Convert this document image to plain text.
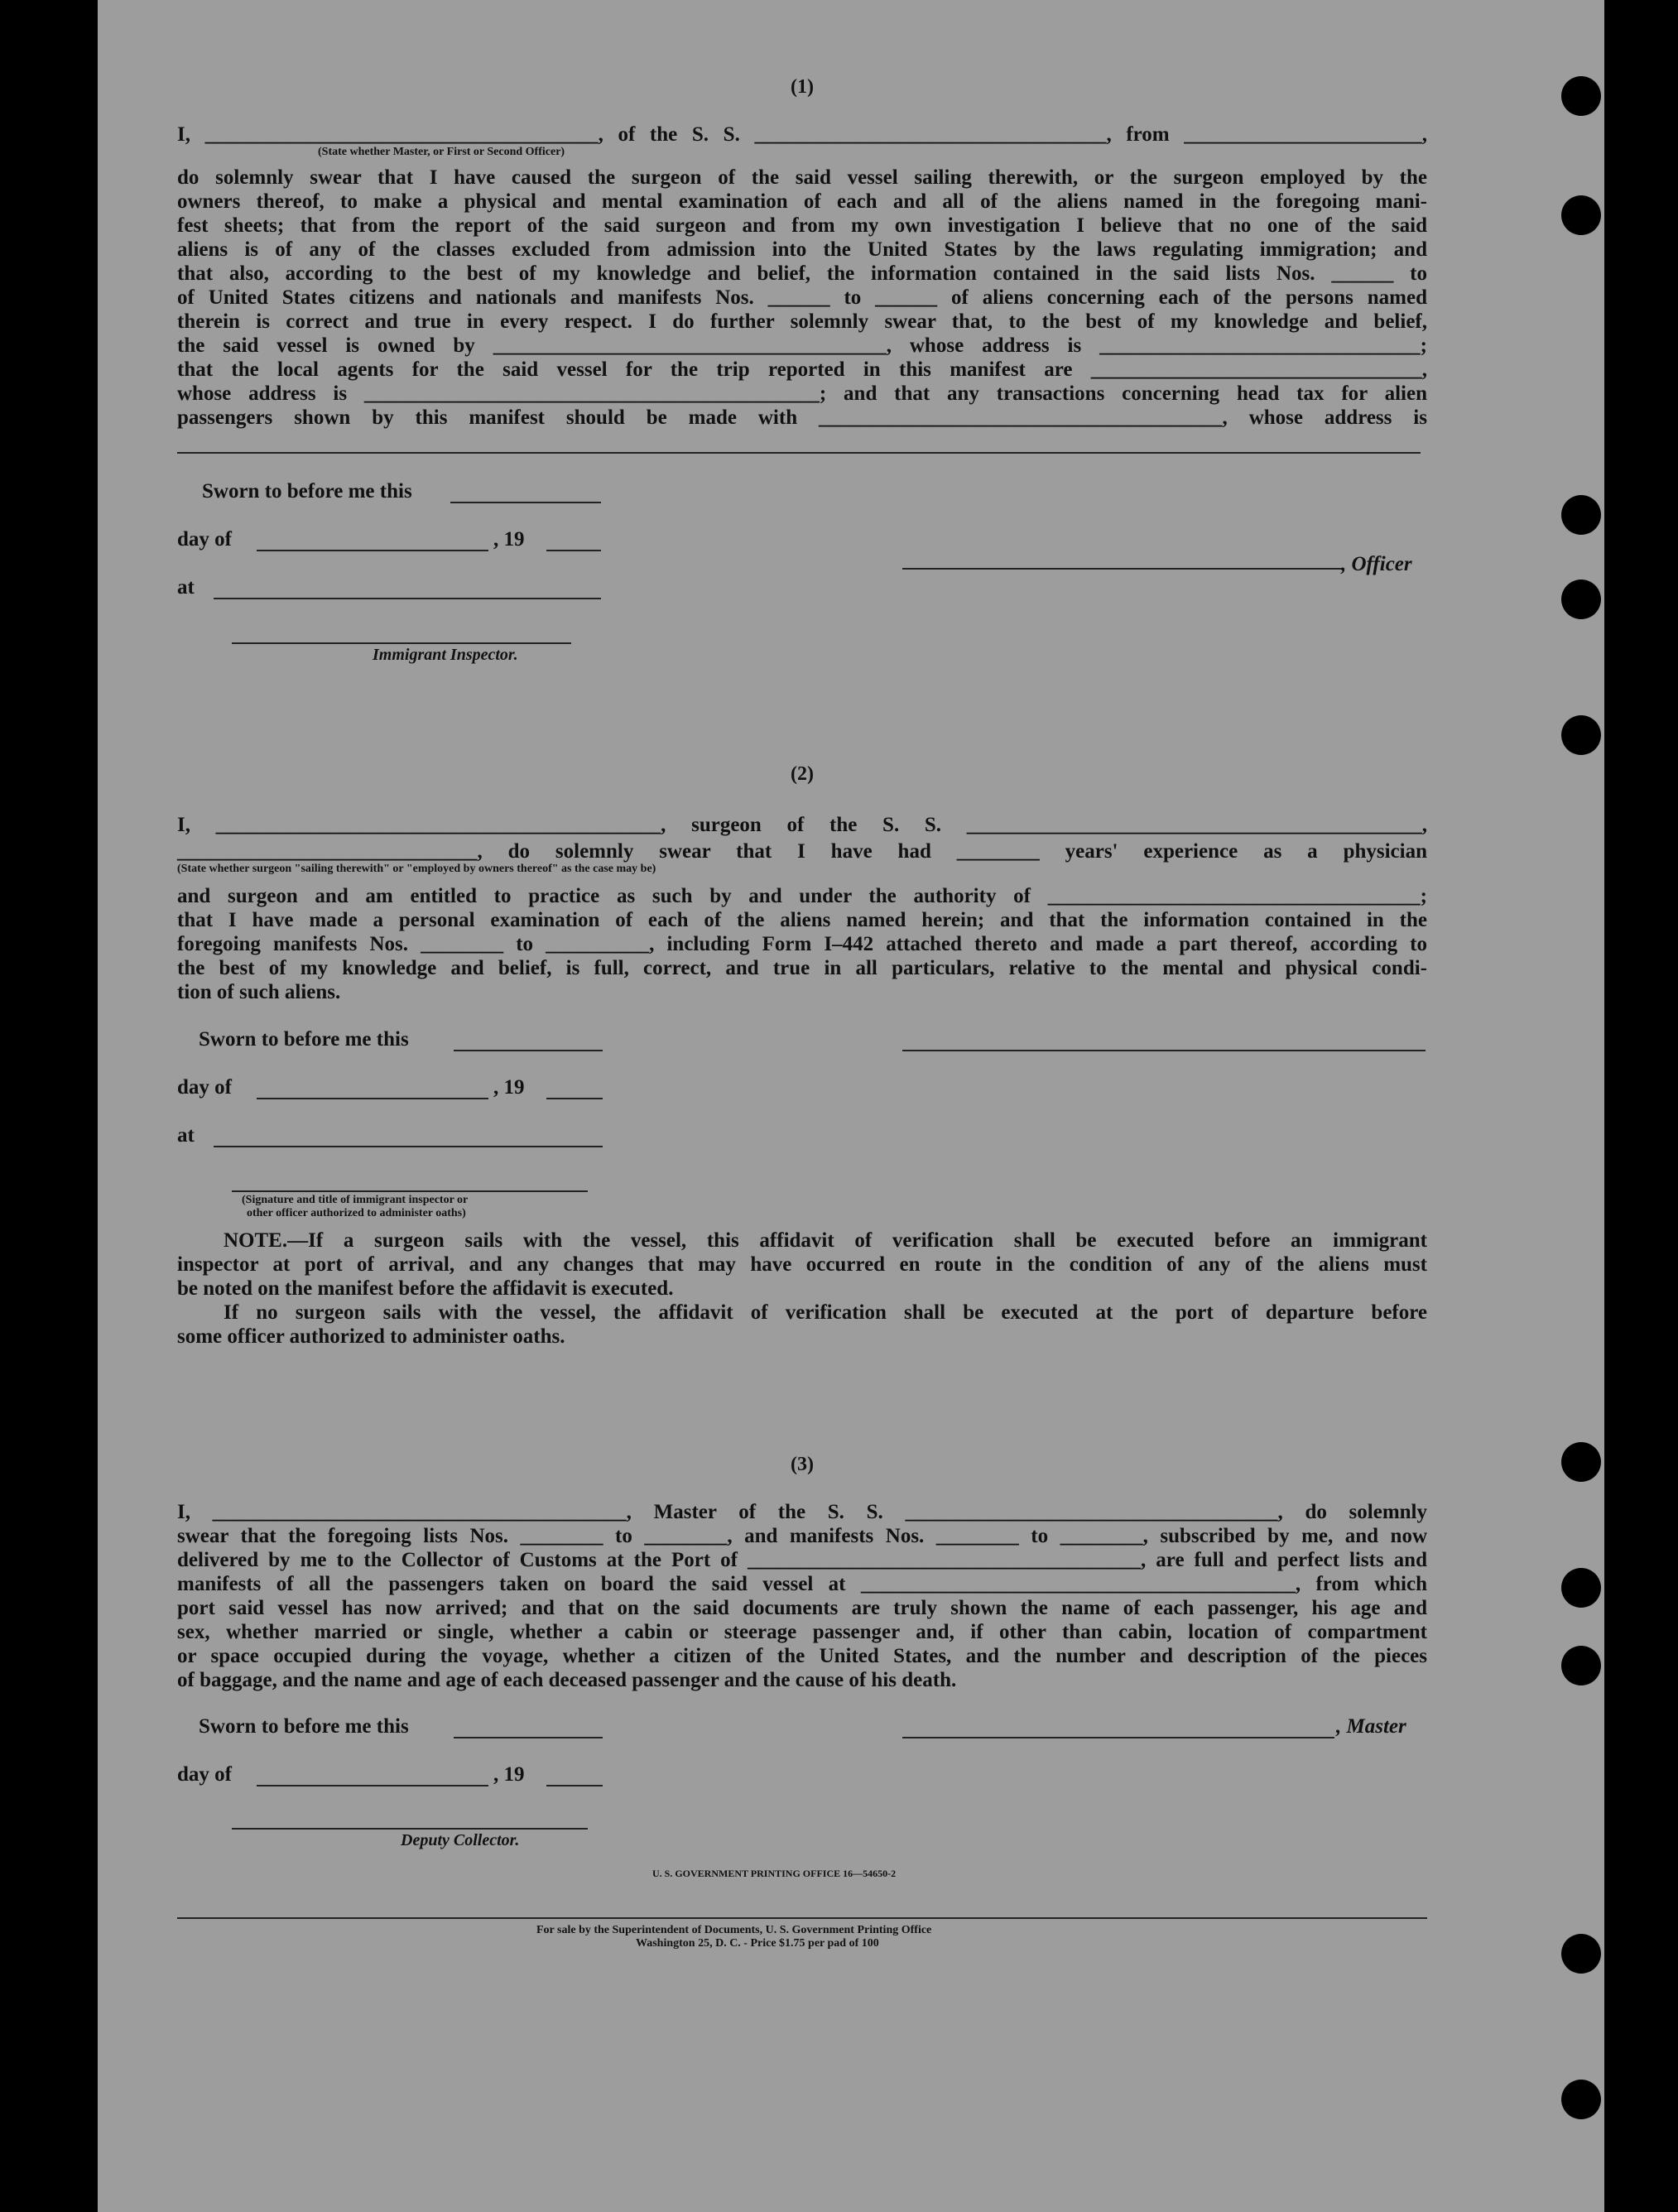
(1)
I, ______________________________________, of the S. S. __________________________________, from _______________________,
(State whether Master, or First or Second Officer)
do solemnly swear that I have caused the surgeon of the said vessel sailing therewith, or the surgeon employed by the
owners thereof, to make a physical and mental examination of each and all of the aliens named in the foregoing mani-
fest sheets; that from the report of the said surgeon and from my own investigation I believe that no one of the said
aliens is of any of the classes excluded from admission into the United States by the laws regulating immigration; and
that also, according to the best of my knowledge and belief, the information contained in the said lists Nos. ______ to
of United States citizens and nationals and manifests Nos. ______ to ______ of aliens concerning each of the persons named
therein is correct and true in every respect. I do further solemnly swear that, to the best of my knowledge and belief,
the said vessel is owned by ______________________________________, whose address is _______________________________;
that the local agents for the said vessel for the trip reported in this manifest are ________________________________,
whose address is ____________________________________________; and that any transactions concerning head tax for alien
passengers shown by this manifest should be made with _______________________________________, whose address is
Sworn to before me this
day of	, 19
at
, Officer
Immigrant Inspector.
(2)
I, ___________________________________________, surgeon of the S. S. ____________________________________________,
_____________________________, do solemnly swear that I have had ________ years' experience as a physician
(State whether surgeon "sailing therewith" or "employed by owners thereof" as the case may be)
and surgeon and am entitled to practice as such by and under the authority of ____________________________________;
that I have made a personal examination of each of the aliens named herein; and that the information contained in the
foregoing manifests Nos. ________ to __________, including Form I–442 attached thereto and made a part thereof, according to
the best of my knowledge and belief, is full, correct, and true in all particulars, relative to the mental and physical condi-
tion of such aliens.
Sworn to before me this
day of	, 19
at
(Signature and title of immigrant inspector or
other officer authorized to administer oaths)
NOTE.—If a surgeon sails with the vessel, this affidavit of verification shall be executed before an immigrant
inspector at port of arrival, and any changes that may have occurred en route in the condition of any of the aliens must
be noted on the manifest before the affidavit is executed.
If no surgeon sails with the vessel, the affidavit of verification shall be executed at the port of departure before
some officer authorized to administer oaths.
(3)
I, ________________________________________, Master of the S. S. ____________________________________, do solemnly
swear that the foregoing lists Nos. ________ to ________, and manifests Nos. ________ to ________, subscribed by me, and now
delivered by me to the Collector of Customs at the Port of ______________________________________, are full and perfect lists and
manifests of all the passengers taken on board the said vessel at __________________________________________, from which
port said vessel has now arrived; and that on the said documents are truly shown the name of each passenger, his age and
sex, whether married or single, whether a cabin or steerage passenger and, if other than cabin, location of compartment
or space occupied during the voyage, whether a citizen of the United States, and the number and description of the pieces
of baggage, and the name and age of each deceased passenger and the cause of his death.
Sworn to before me this	, Master
day of	, 19
Deputy Collector.
U. S. GOVERNMENT PRINTING OFFICE 16—54650-2
For sale by the Superintendent of Documents, U. S. Government Printing Office
Washington 25, D. C. - Price $1.75 per pad of 100
